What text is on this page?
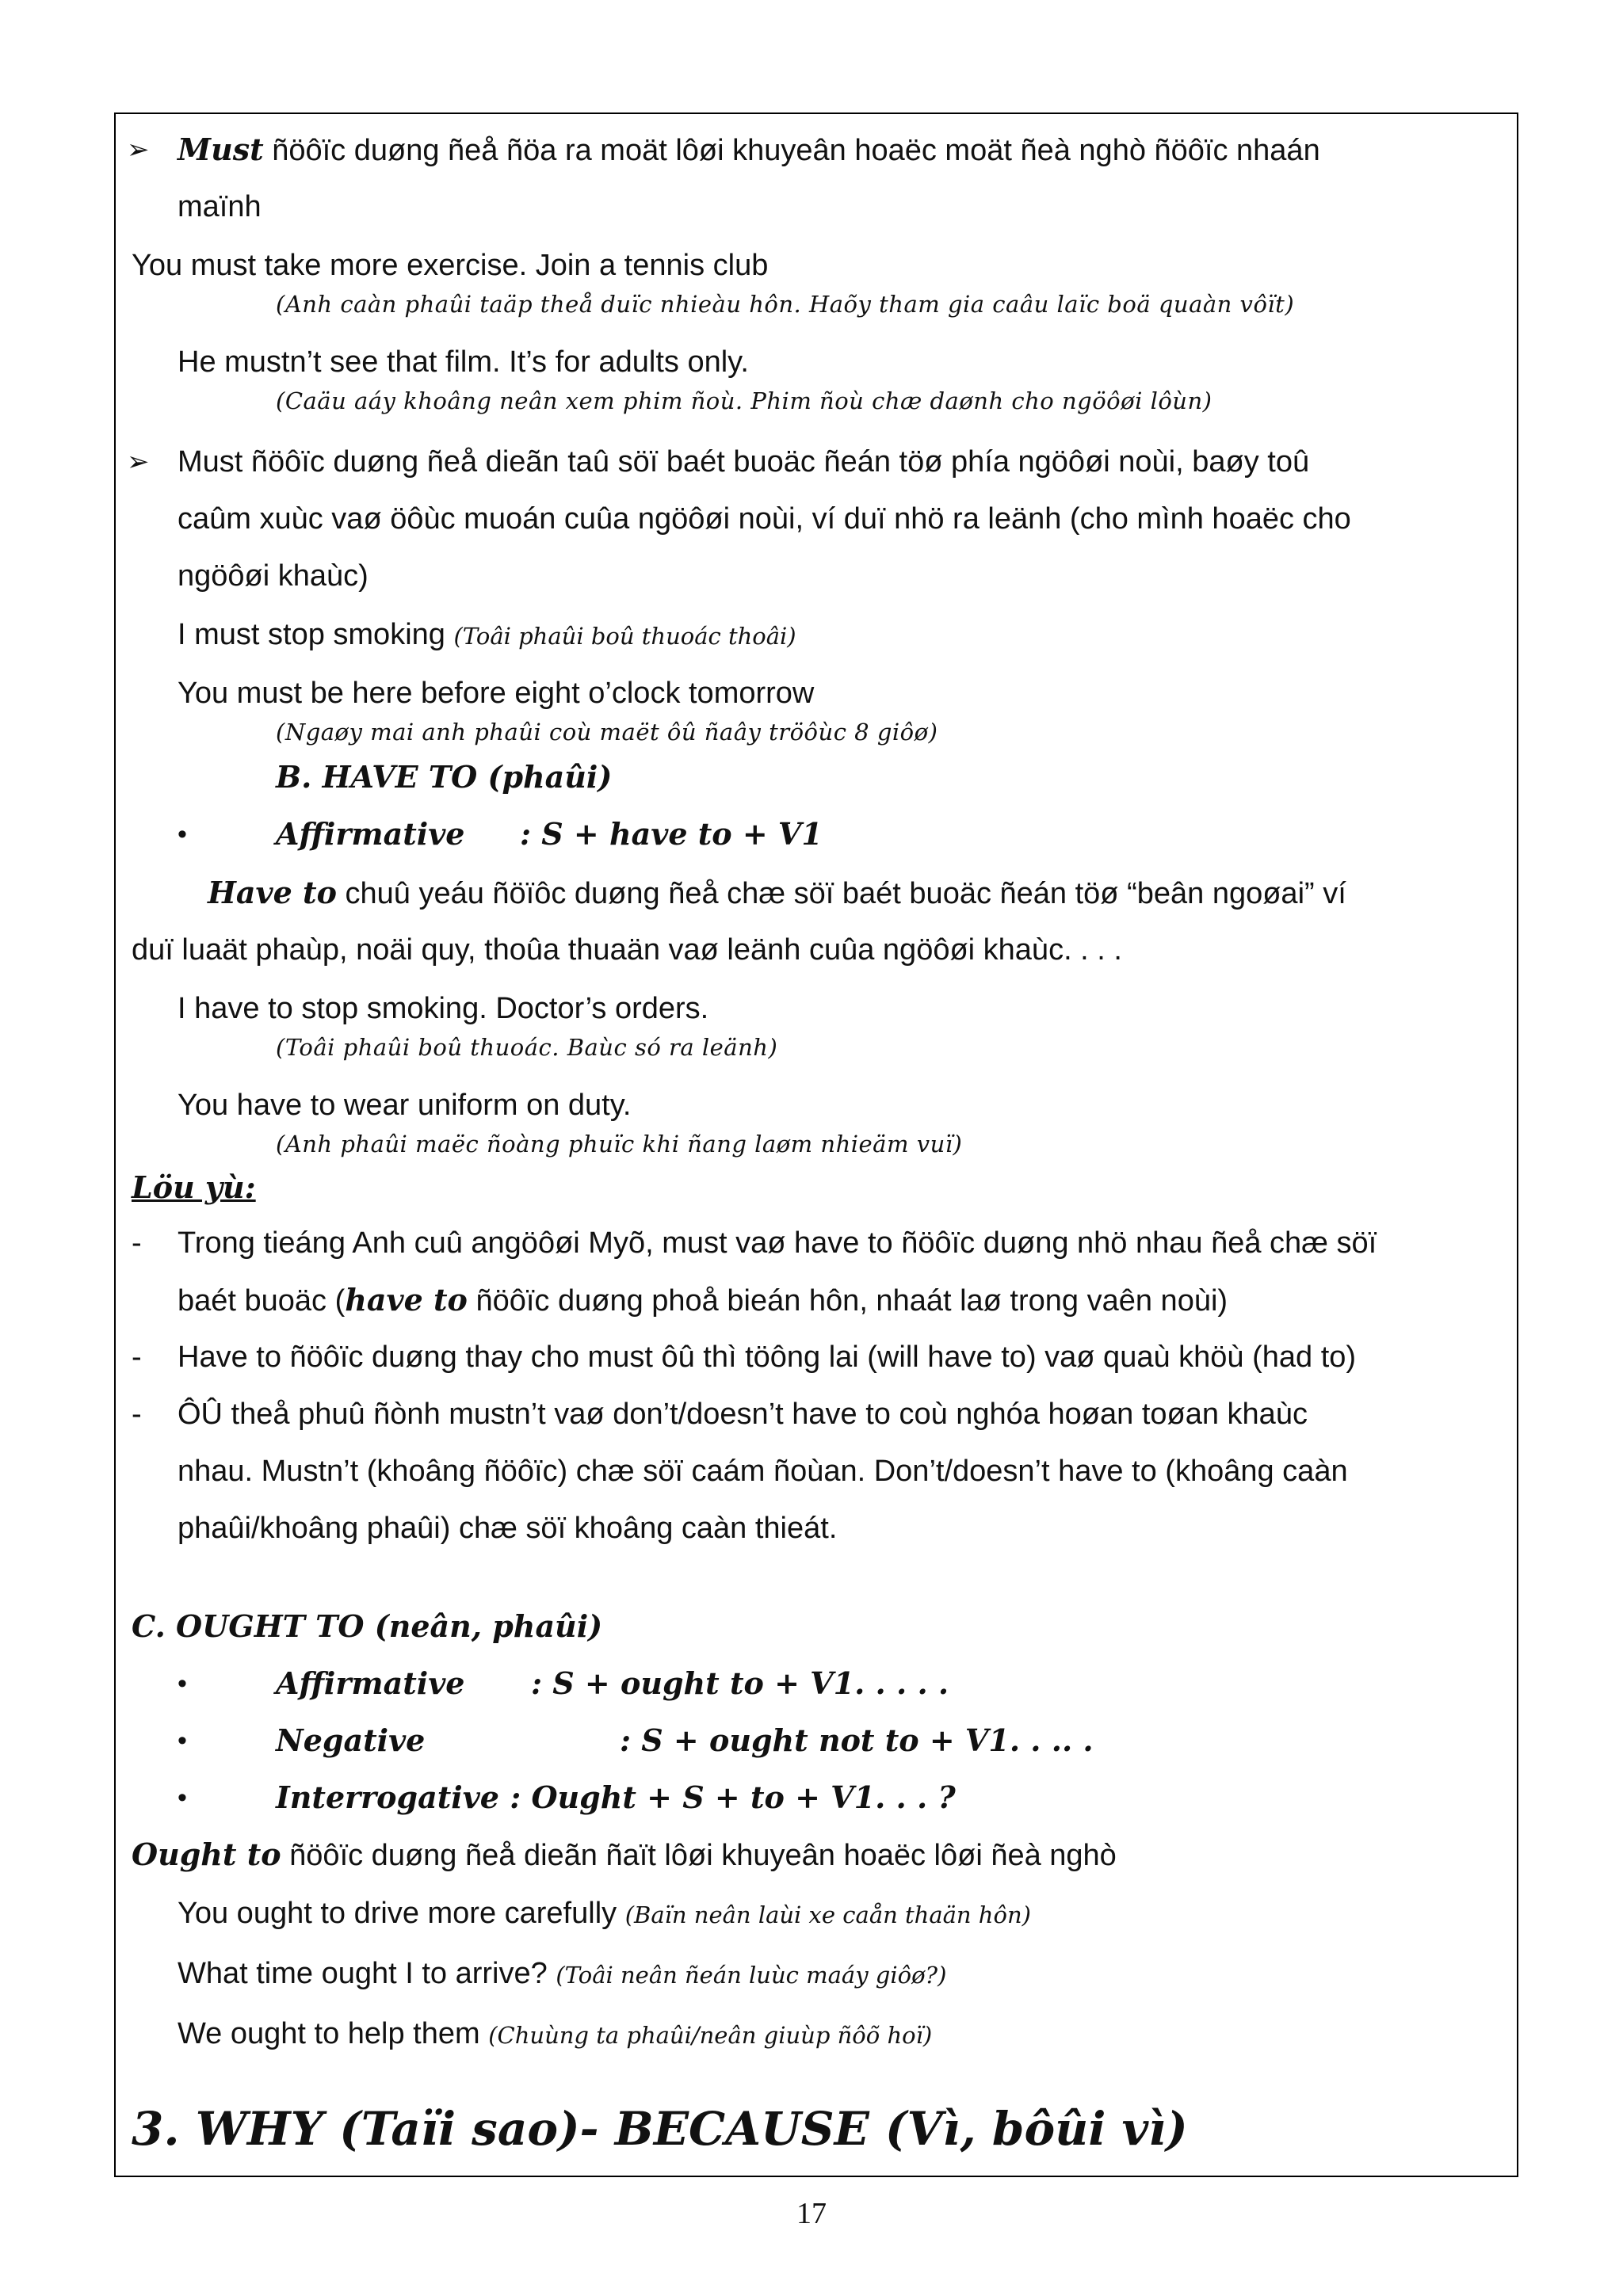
➢ Must ñöôïc duøng ñeå ñöa ra moät lôøi khuyeân hoaëc moät ñeà nghò ñöôïc nhaán
maïnh
You must take more exercise. Join a tennis club
(Anh caàn phaûi taäp theå duïc nhieàu hôn. Haõy tham gia caâu laïc boä quaàn vôït)
He mustn’t see that film. It’s for adults only.
(Caäu aáy khoâng neân xem phim ñoù. Phim ñoù chæ daønh cho ngöôøi lôùn)
➢ Must ñöôïc duøng ñeå dieãn taû söï baét buoäc ñeán töø phía ngöôøi noùi, baøy toû
caûm xuùc vaø öôùc muoán cuûa ngöôøi noùi, ví duï nhö ra leänh (cho mình hoaëc cho
ngöôøi khaùc)
I must stop smoking (Toâi phaûi boû thuoác thoâi)
You must be here before eight o’clock tomorrow
(Ngaøy mai anh phaûi coù maët ôû ñaây tröôùc 8 giôø)
B. HAVE TO (phaûi)
•	Affirmative : S + have to + V1
Have to chuû yeáu ñöïôc duøng ñeå chæ söï baét buoäc ñeán töø “beân ngoøai” ví
duï luaät phaùp, noäi quy, thoûa thuaän vaø leänh cuûa ngöôøi khaùc. . . .
I have to stop smoking. Doctor’s orders.
(Toâi phaûi boû thuoác. Baùc só ra leänh)
You have to wear uniform on duty.
(Anh phaûi maëc ñoàng phuïc khi ñang laøm nhieäm vuï)
Löu yù:
- Trong tieáng Anh cuû angöôøi Myõ, must vaø have to ñöôïc duøng nhö nhau ñeå chæ söï
baét buoäc (have to ñöôïc duøng phoå bieán hôn, nhaát laø trong vaên noùi)
- Have to ñöôïc duøng thay cho must ôû thì töông lai (will have to) vaø quaù khöù (had to)
- ÔÛ theå phuû ñònh mustn’t vaø don’t/doesn’t have to coù nghóa hoøan toøan khaùc
nhau. Mustn’t (khoâng ñöôïc) chæ söï caám ñoùan. Don’t/doesn’t have to (khoâng caàn
phaûi/khoâng phaûi) chæ söï khoâng caàn thieát.
C. OUGHT TO (neân, phaûi)
•	Affirmative : S + ought to + V1. . . . .
•	Negative	: S + ought not to + V1. . .. .
•	Interrogative : Ought + S + to + V1. . . ?
Ought to ñöôïc duøng ñeå dieãn ñaït lôøi khuyeân hoaëc lôøi ñeà nghò
You ought to drive more carefully (Baïn neân laùi xe caån thaän hôn)
What time ought I to arrive? (Toâi neân ñeán luùc maáy giôø?)
We ought to help them (Chuùng ta phaûi/neân giuùp ñôõ hoï)
3. WHY (Taïi sao)- BECAUSE (Vì, bôûi vì)
17
